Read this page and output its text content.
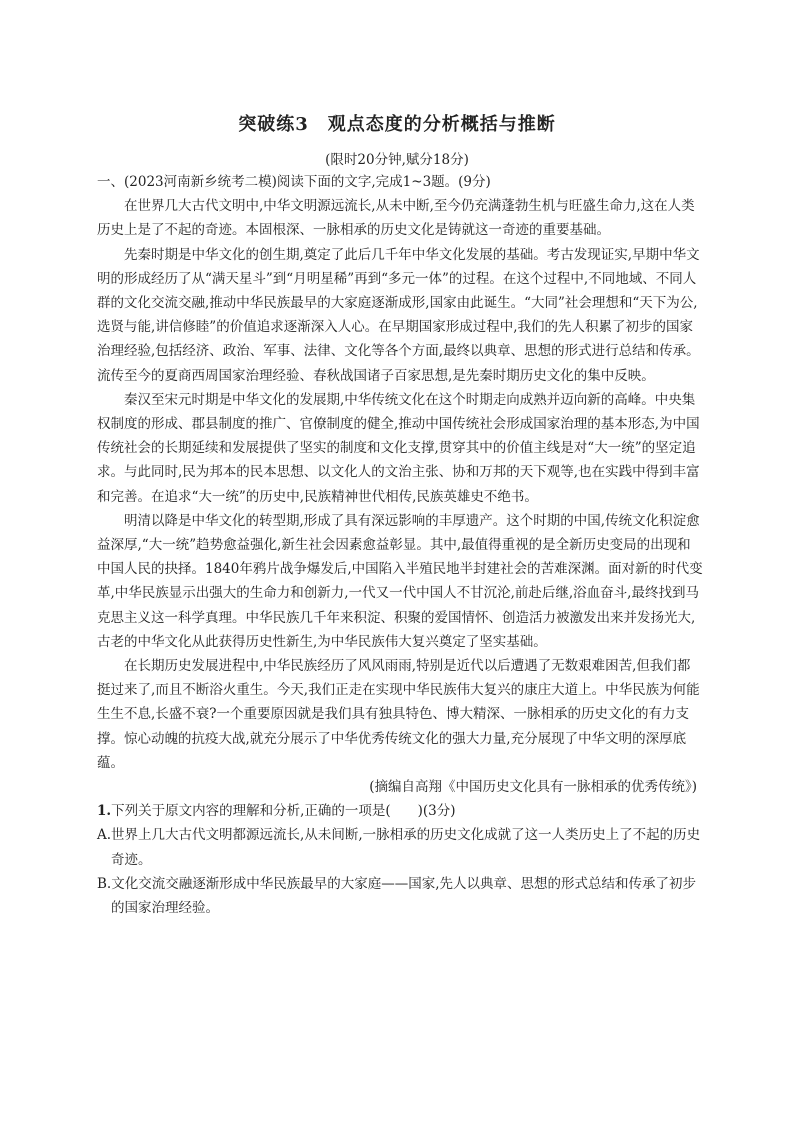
突破练3　观点态度的分析概括与推断
(限时20分钟,赋分18分)

一、(2023河南新乡统考二模)阅读下面的文字,完成1~3题。(9分)

在世界几大古代文明中,中华文明源远流长,从未中断,至今仍充满蓬勃生机与旺盛生命力,这在人类历史上是了不起的奇迹。本固根深、一脉相承的历史文化是铸就这一奇迹的重要基础。

先秦时期是中华文化的创生期,奠定了此后几千年中华文化发展的基础。考古发现证实,早期中华文明的形成经历了从“满天星斗”到“月明星稀”再到“多元一体”的过程。在这个过程中,不同地域、不同人群的文化交流交融,推动中华民族最早的大家庭逐渐成形,国家由此诞生。“大同”社会理想和“天下为公,选贤与能,讲信修睦”的价值追求逐渐深入人心。在早期国家形成过程中,我们的先人积累了初步的国家治理经验,包括经济、政治、军事、法律、文化等各个方面,最终以典章、思想的形式进行总结和传承。流传至今的夏商西周国家治理经验、春秋战国诸子百家思想,是先秦时期历史文化的集中反映。

秦汉至宋元时期是中华文化的发展期,中华传统文化在这个时期走向成熟并迈向新的高峰。中央集权制度的形成、郡县制度的推广、官僚制度的健全,推动中国传统社会形成国家治理的基本形态,为中国传统社会的长期延续和发展提供了坚实的制度和文化支撑,贯穿其中的价值主线是对“大一统”的坚定追求。与此同时,民为邦本的民本思想、以文化人的文治主张、协和万邦的天下观等,也在实践中得到丰富和完善。在追求“大一统”的历史中,民族精神世代相传,民族英雄史不绝书。

明清以降是中华文化的转型期,形成了具有深远影响的丰厚遗产。这个时期的中国,传统文化积淀愈益深厚,“大一统”趋势愈益强化,新生社会因素愈益彰显。其中,最值得重视的是全新历史变局的出现和中国人民的抉择。1840年鸦片战争爆发后,中国陷入半殖民地半封建社会的苦难深渊。面对新的时代变革,中华民族显示出强大的生命力和创新力,一代又一代中国人不甘沉沦,前赴后继,浴血奋斗,最终找到马克思主义这一科学真理。中华民族几千年来积淀、积聚的爱国情怀、创造活力被激发出来并发扬光大,古老的中华文化从此获得历史性新生,为中华民族伟大复兴奠定了坚实基础。

在长期历史发展进程中,中华民族经历了风风雨雨,特别是近代以后遭遇了无数艰难困苦,但我们都挺过来了,而且不断浴火重生。今天,我们正走在实现中华民族伟大复兴的康庄大道上。中华民族为何能生生不息,长盛不衰?一个重要原因就是我们具有独具特色、博大精深、一脉相承的历史文化的有力支撑。惊心动魄的抗疫大战,就充分展示了中华优秀传统文化的强大力量,充分展现了中华文明的深厚底蕴。

(摘编自高翔《中国历史文化具有一脉相承的优秀传统》)

1.下列关于原文内容的理解和分析,正确的一项是(　　)(3分)

A.世界上几大古代文明都源远流长,从未间断,一脉相承的历史文化成就了这一人类历史上了不起的历史奇迹。

B.文化交流交融逐渐形成中华民族最早的大家庭——国家,先人以典章、思想的形式总结和传承了初步的国家治理经验。
